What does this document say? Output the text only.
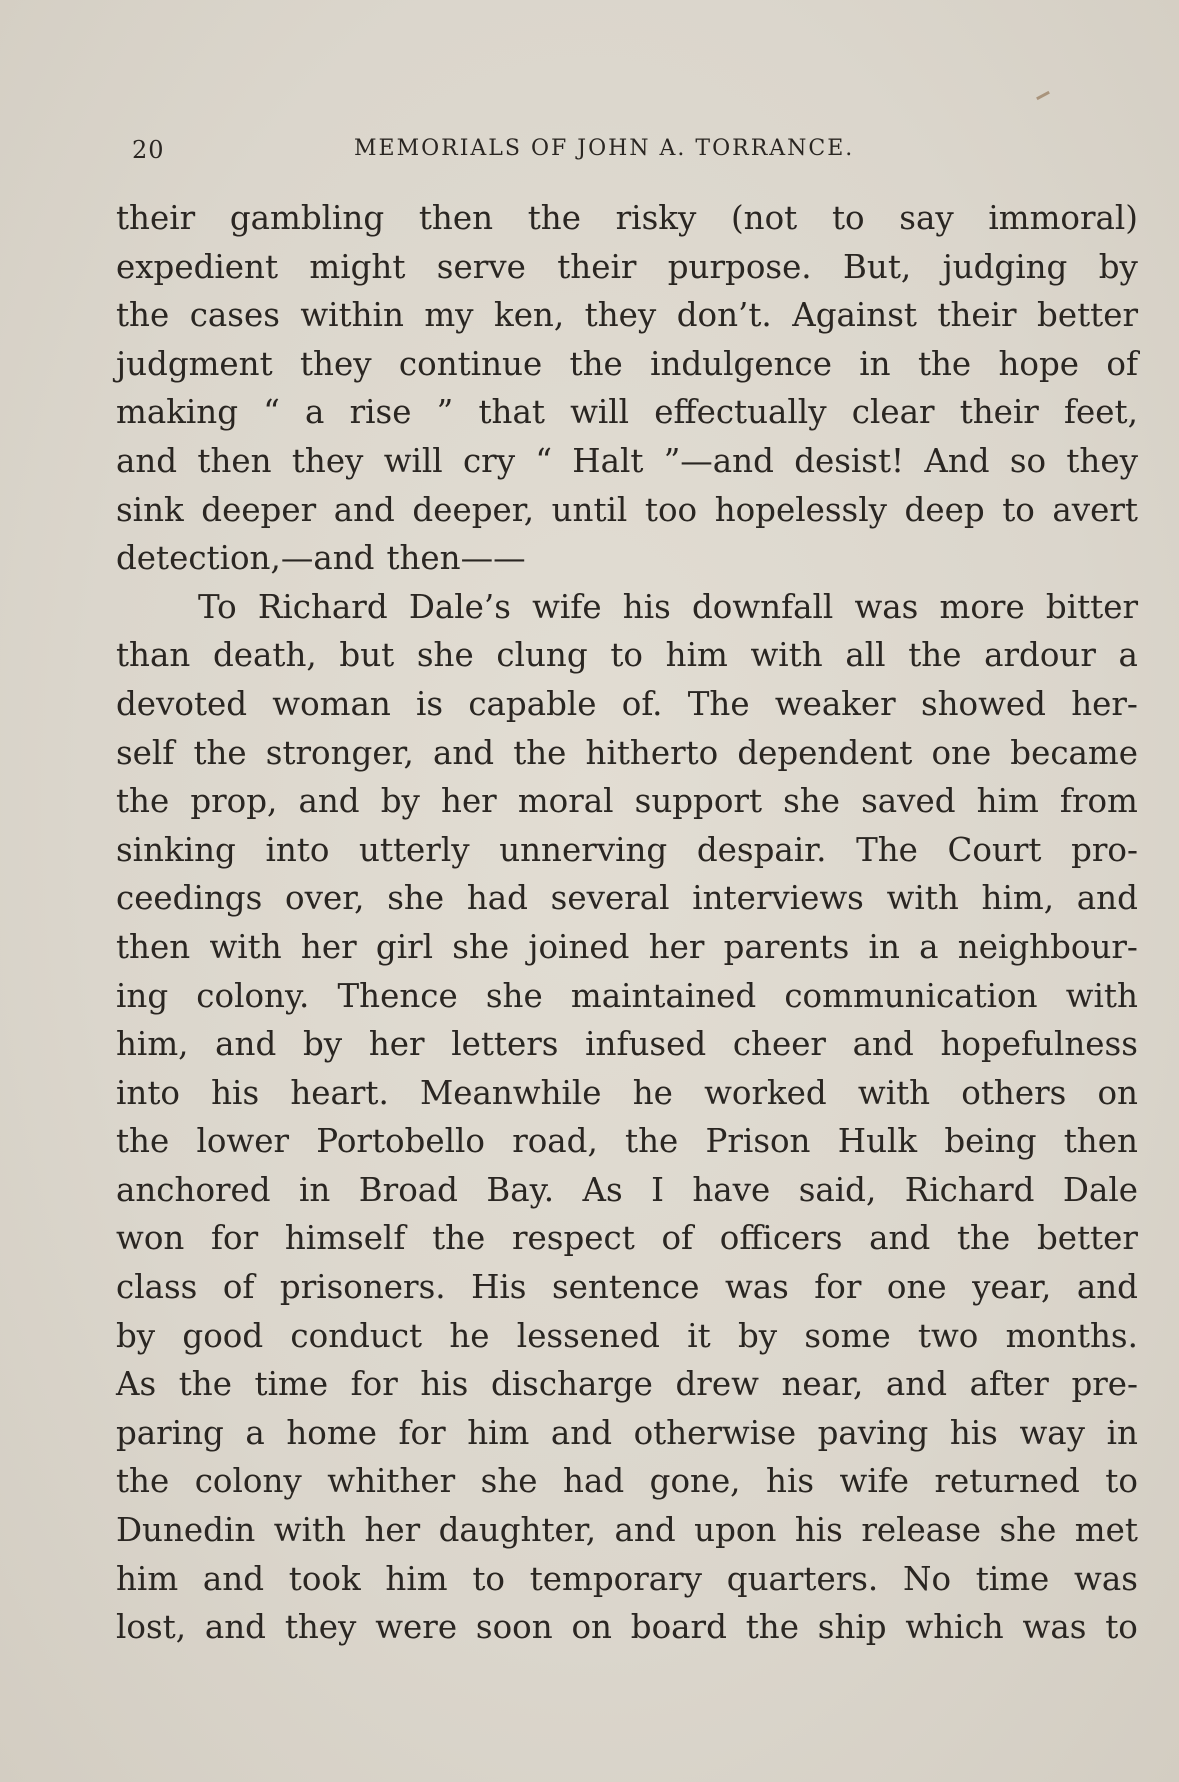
20	MEMORIALS OF JOHN A. TORRANCE.
their gambling then the risky (not to say immoral)
expedient might serve their purpose. But, judging by
the cases within my ken, they don’t. Against their better
judgment they continue the indulgence in the hope of
making “ a rise ” that will effectually clear their feet,
and then they will cry “ Halt ”—and desist! And so they
sink deeper and deeper, until too hopelessly deep to avert
detection,—and then——
To Richard Dale’s wife his downfall was more bitter
than death, but she clung to him with all the ardour a
devoted woman is capable of. The weaker showed her-
self the stronger, and the hitherto dependent one became
the prop, and by her moral support she saved him from
sinking into utterly unnerving despair. The Court pro-
ceedings over, she had several interviews with him, and
then with her girl she joined her parents in a neighbour-
ing colony. Thence she maintained communication with
him, and by her letters infused cheer and hopefulness
into his heart. Meanwhile he worked with others on
the lower Portobello road, the Prison Hulk being then
anchored in Broad Bay. As I have said, Richard Dale
won for himself the respect of officers and the better
class of prisoners. His sentence was for one year, and
by good conduct he lessened it by some two months.
As the time for his discharge drew near, and after pre-
paring a home for him and otherwise paving his way in
the colony whither she had gone, his wife returned to
Dunedin with her daughter, and upon his release she met
him and took him to temporary quarters. No time was
lost, and they were soon on board the ship which was to
